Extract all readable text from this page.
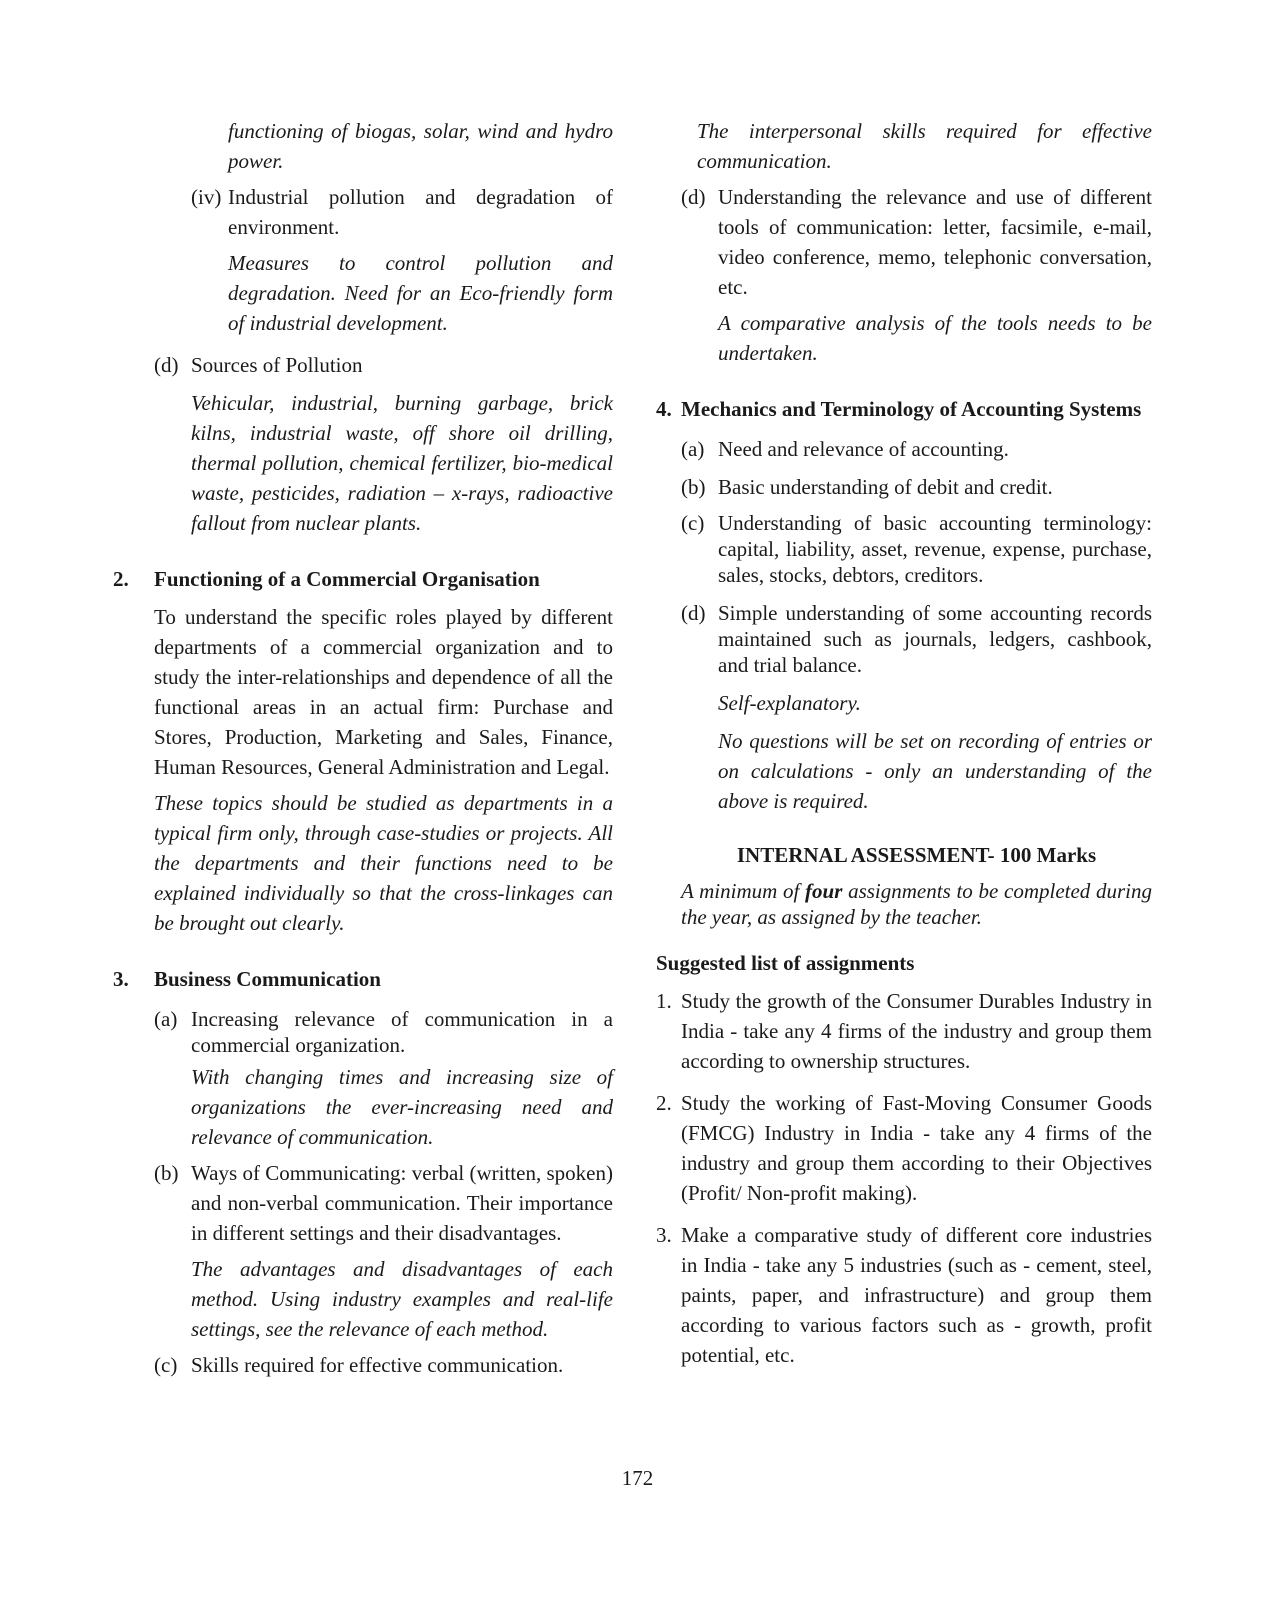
functioning of biogas, solar, wind and hydro power.

(iv) Industrial pollution and degradation of environment.

Measures to control pollution and degradation. Need for an Eco-friendly form of industrial development.

(d) Sources of Pollution

Vehicular, industrial, burning garbage, brick kilns, industrial waste, off shore oil drilling, thermal pollution, chemical fertilizer, bio-medical waste, pesticides, radiation – x-rays, radioactive fallout from nuclear plants.

2.	Functioning of a Commercial Organisation

To understand the specific roles played by different departments of a commercial organization and to study the inter-relationships and dependence of all the functional areas in an actual firm: Purchase and Stores, Production, Marketing and Sales, Finance, Human Resources, General Administration and Legal.

These topics should be studied as departments in a typical firm only, through case-studies or projects. All the departments and their functions need to be explained individually so that the cross-linkages can be brought out clearly.

3.	Business Communication
(a) Increasing relevance of communication in a commercial organization.

With changing times and increasing size of organizations the ever-increasing need and relevance of communication.

(b) Ways of Communicating: verbal (written, spoken) and non-verbal communication. Their importance in different settings and their disadvantages.

The advantages and disadvantages of each method. Using industry examples and real-life settings, see the relevance of each method.

(c) Skills required for effective communication.

The interpersonal skills required for effective communication.

(d) Understanding the relevance and use of different tools of communication: letter, facsimile, e-mail, video conference, memo, telephonic conversation, etc.

A comparative analysis of the tools needs to be undertaken.

4. Mechanics and Terminology of Accounting Systems
(a) Need and relevance of accounting.

(b) Basic understanding of debit and credit.

(c) Understanding of basic accounting terminology: capital, liability, asset, revenue, expense, purchase, sales, stocks, debtors, creditors.

(d) Simple understanding of some accounting records maintained such as journals, ledgers, cashbook, and trial balance.

Self-explanatory.

No questions will be set on recording of entries or on calculations - only an understanding of the above is required.

INTERNAL ASSESSMENT- 100 Marks

A minimum of four assignments to be completed during the year, as assigned by the teacher.

Suggested list of assignments

1. Study the growth of the Consumer Durables Industry in India - take any 4 firms of the industry and group them according to ownership structures.

2. Study the working of Fast-Moving Consumer Goods (FMCG) Industry in India - take any 4 firms of the industry and group them according to their Objectives (Profit/ Non-profit making).

3. Make a comparative study of different core industries in India - take any 5 industries (such as - cement, steel, paints, paper, and infrastructure) and group them according to various factors such as - growth, profit potential, etc.

172
